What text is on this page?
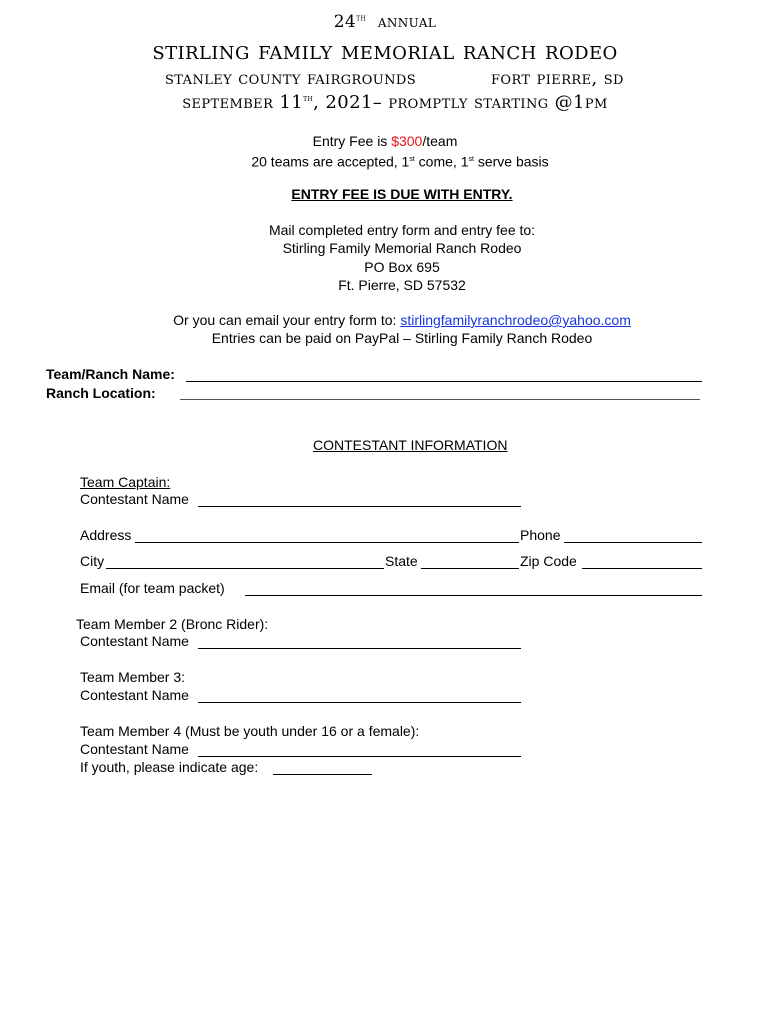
24th annual
stirling family memorial ranch rodeo
stanley county fairgrounds	fort pierre, sd
september 11th, 2021– promptly starting @1pm
Entry Fee is $300/team
20 teams are accepted, 1st come, 1st serve basis
ENTRY FEE IS DUE WITH ENTRY.
Mail completed entry form and entry fee to:
Stirling Family Memorial Ranch Rodeo
PO Box 695
Ft. Pierre, SD 57532
Or you can email your entry form to: stirlingfamilyranchrodeo@yahoo.com
Entries can be paid on PayPal – Stirling Family Ranch Rodeo
Team/Ranch Name:
Ranch Location:
CONTESTANT INFORMATION
Team Captain:
Contestant Name
Address	Phone
City	State	Zip Code
Email (for team packet)
Team Member 2 (Bronc Rider):
Contestant Name
Team Member 3:
Contestant Name
Team Member 4 (Must be youth under 16 or a female):
Contestant Name
If youth, please indicate age:
